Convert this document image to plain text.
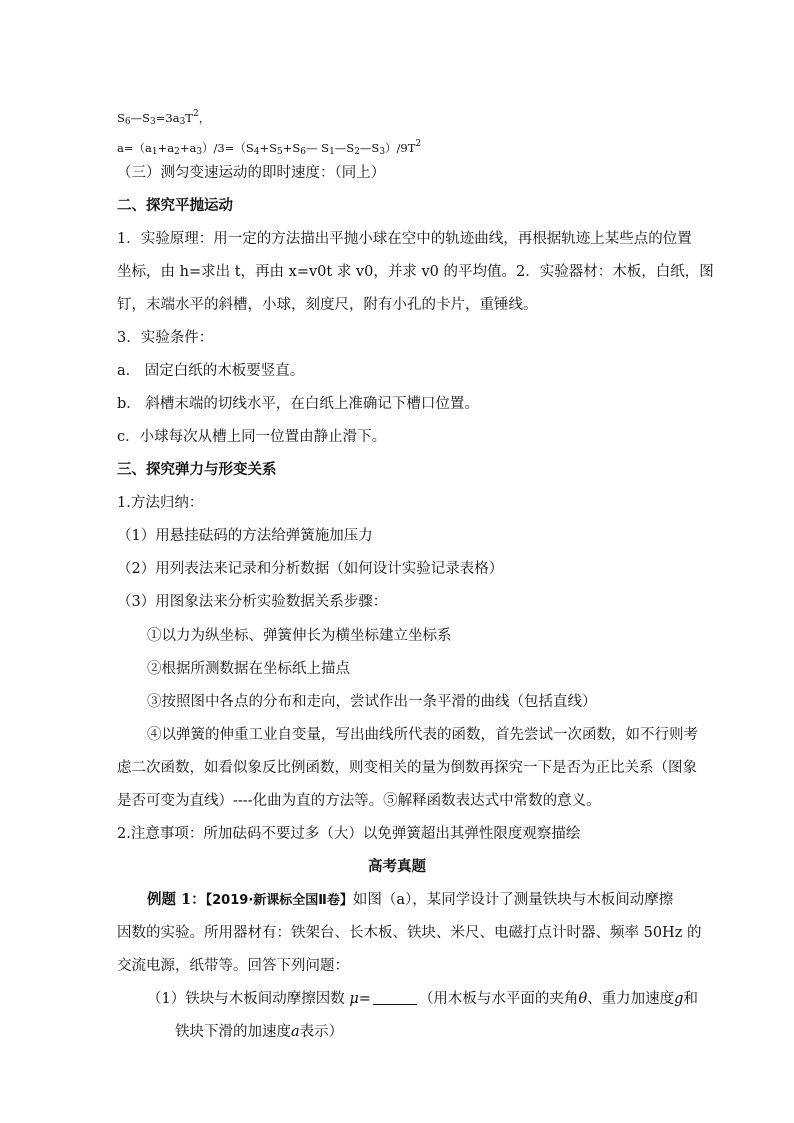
$S_6—S_3=3a_3T^2$，
$a=(a_1+a_2+a_3)/3=(S_4+S_5+S_6—$ $S_1—S_2—S_3)/9T^2$
（三）测匀变速运动的即时速度：（同上）
二、探究平抛运动
1．实验原理：用一定的方法描出平抛小球在空中的轨迹曲线，再根据轨迹上某些点的位置
坐标，由 h=求出 t，再由 x=v0t 求 v0，并求 v0 的平均值。2．实验器材：木板，白纸，图
钉，末端水平的斜槽，小球，刻度尺，附有小孔的卡片，重锤线。
3．实验条件：
a． 固定白纸的木板要竖直。
b． 斜槽末端的切线水平，在白纸上准确记下槽口位置。
c．小球每次从槽上同一位置由静止滑下。
三、探究弹力与形变关系
1.方法归纳：
（1）用悬挂砝码的方法给弹簧施加压力
（2）用列表法来记录和分析数据（如何设计实验记录表格）
（3）用图象法来分析实验数据关系步骤：
①以力为纵坐标、弹簧伸长为横坐标建立坐标系
②根据所测数据在坐标纸上描点
③按照图中各点的分布和走向，尝试作出一条平滑的曲线（包括直线）
④以弹簧的伸重工业自变量，写出曲线所代表的函数，首先尝试一次函数，如不行则考
虑二次函数，如看似象反比例函数，则变相关的量为倒数再探究一下是否为正比关系（图象
是否可变为直线）----化曲为直的方法等。⑤解释函数表达式中常数的意义。
2.注意事项：所加砝码不要过多（大）以免弹簧超出其弹性限度观察描绘
高考真题
例题 1：【2019·新课标全国Ⅱ卷】如图（a），某同学设计了测量铁块与木板间动摩擦
因数的实验。所用器材有：铁架台、长木板、铁块、米尺、电磁打点计时器、频率 50Hz 的
交流电源，纸带等。回答下列问题：
（1）铁块与木板间动摩擦因数 μ=	（用木板与水平面的夹角θ、重力加速度g和
铁块下滑的加速度a表示）
